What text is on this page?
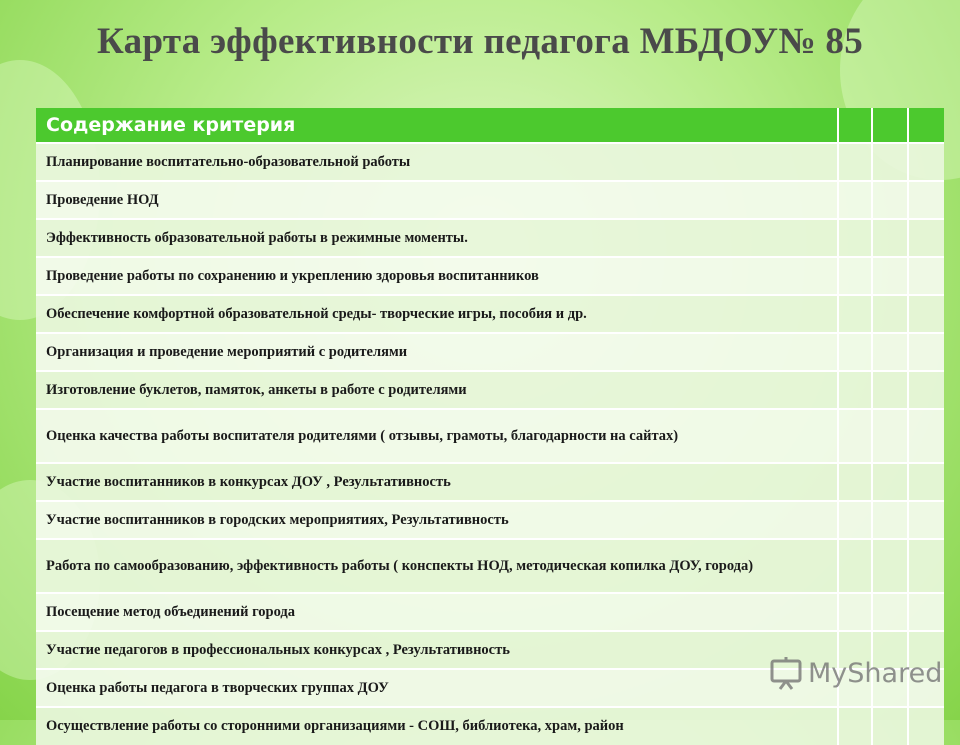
Карта эффективности педагога МБДОУ№ 85
Содержание критерия			
Планирование воспитательно-образовательной работы			
Проведение НОД			
Эффективность образовательной работы в режимные моменты.			
Проведение работы по сохранению и укреплению здоровья воспитанников			
Обеспечение комфортной образовательной среды- творческие игры, пособия и др.			
Организация и проведение мероприятий с родителями			
Изготовление буклетов, памяток, анкеты в работе с родителями			
Оценка качества работы воспитателя родителями ( отзывы, грамоты, благодарности на сайтах)			
Участие воспитанников в конкурсах ДОУ , Результативность			
Участие воспитанников в городских мероприятиях, Результативность			
Работа по самообразованию, эффективность работы ( конспекты НОД, методическая копилка ДОУ, города)			
Посещение метод объединений города			
Участие педагогов в профессиональных конкурсах , Результативность			
Оценка работы педагога в творческих группах ДОУ			
Осуществление работы со сторонними организациями - СОШ, библиотека, храм, район			
MyShared
